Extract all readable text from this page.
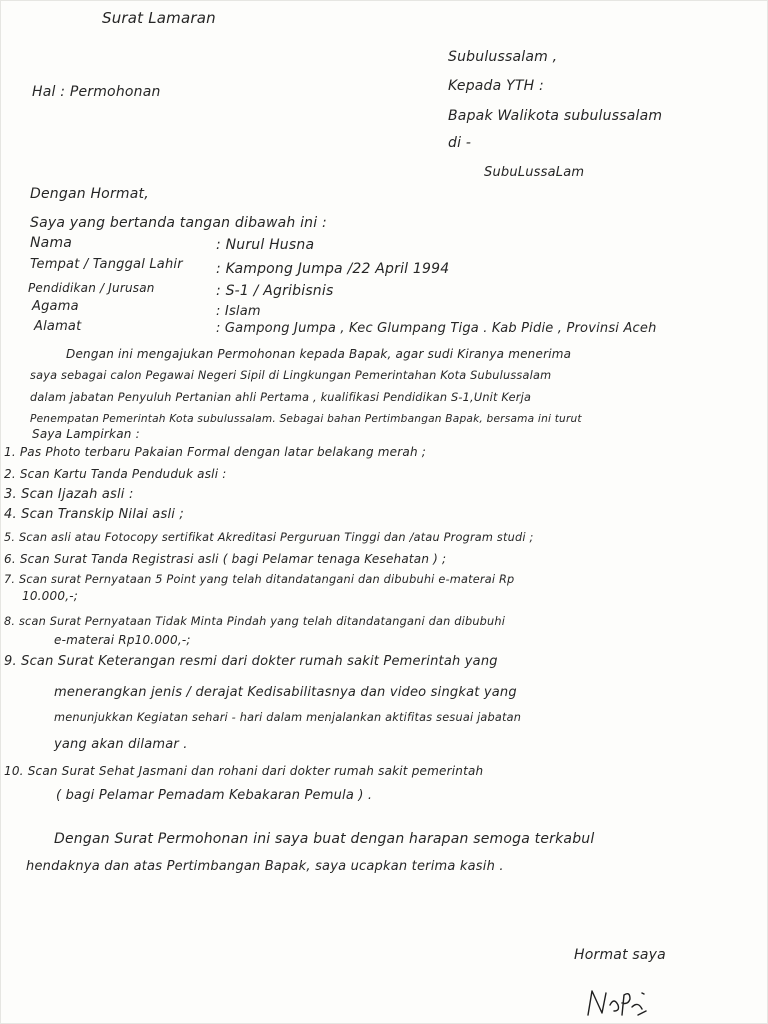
Surat Lamaran
Subulussalam ,
Kepada YTH :
Bapak Walikota subulussalam
di -
SubuLussaLam
Hal : Permohonan
Dengan Hormat,
Saya yang bertanda tangan dibawah ini :
Nama	: Nurul Husna
Tempat / Tanggal Lahir : Kampong Jumpa /22 April 1994
Pendidikan / Jurusan	: S-1 / Agribisnis
Agama	: Islam
Alamat	: Gampong Jumpa , Kec Glumpang Tiga . Kab Pidie , Provinsi Aceh
Dengan ini mengajukan Permohonan kepada Bapak, agar sudi Kiranya menerima
saya sebagai calon Pegawai Negeri Sipil di Lingkungan Pemerintahan Kota Subulussalam
dalam jabatan Penyuluh Pertanian ahli Pertama , kualifikasi Pendidikan S-1,Unit Kerja
Penempatan Pemerintah Kota subulussalam. Sebagai bahan Pertimbangan Bapak, bersama ini turut
Saya Lampirkan :
1. Pas Photo terbaru Pakaian Formal dengan latar belakang merah ;
2. Scan Kartu Tanda Penduduk asli :
3. Scan Ijazah asli :
4. Scan Transkip Nilai asli ;
5. Scan asli atau Fotocopy sertifikat Akreditasi Perguruan Tinggi dan /atau Program studi ;
6. Scan Surat Tanda Registrasi asli ( bagi Pelamar tenaga Kesehatan ) ;
7. Scan surat Pernyataan 5 Point yang telah ditandatangani dan dibubuhi e-materai Rp
10.000,-;
8. scan Surat Pernyataan Tidak Minta Pindah yang telah ditandatangani dan dibubuhi
e-materai Rp10.000,-;
9. Scan Surat Keterangan resmi dari dokter rumah sakit Pemerintah yang
menerangkan jenis / derajat Kedisabilitasnya dan video singkat yang
menunjukkan Kegiatan sehari - hari dalam menjalankan aktifitas sesuai jabatan
yang akan dilamar .
10. Scan Surat Sehat Jasmani dan rohani dari dokter rumah sakit pemerintah
( bagi Pelamar Pemadam Kebakaran Pemula ) .
Dengan Surat Permohonan ini saya buat dengan harapan semoga terkabul
hendaknya dan atas Pertimbangan Bapak, saya ucapkan terima kasih .
Hormat saya
